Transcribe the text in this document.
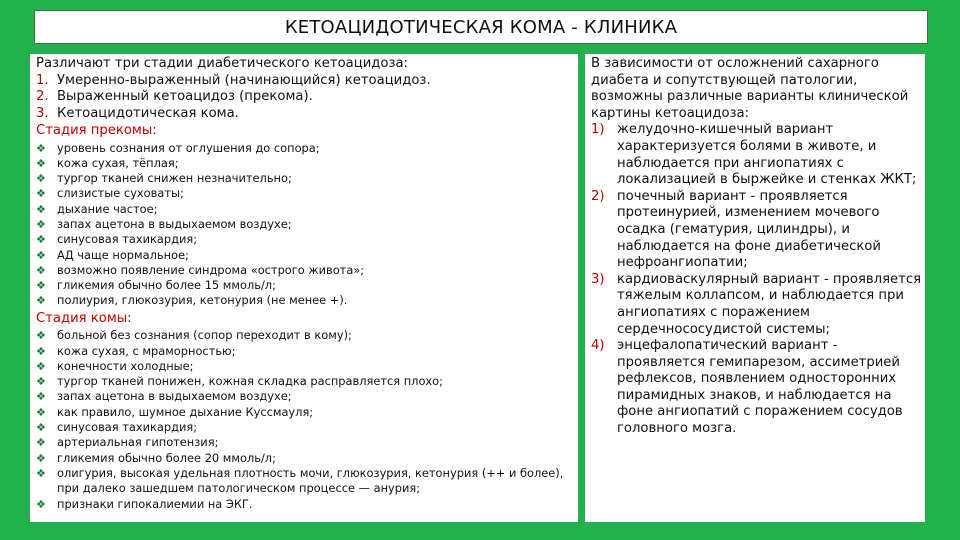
КЕТОАЦИДОТИЧЕСКАЯ КОМА - КЛИНИКА
Различают три стадии диабетического кетоацидоза:
1. Умеренно-выраженный (начинающийся) кетоацидоз.
2. Выраженный кетоацидоз (прекома).
3. Кетоацидотическая кома.
Стадия прекомы:
❖ уровень сознания от оглушения до сопора;
❖ кожа сухая, тёплая;
❖ тургор тканей снижен незначительно;
❖ слизистые суховаты;
❖ дыхание частое;
❖ запах ацетона в выдыхаемом воздухе;
❖ синусовая тахикардия;
❖ АД чаще нормальное;
❖ возможно появление синдрома «острого живота»;
❖ гликемия обычно более 15 ммоль/л;
❖ полиурия, глюкозурия, кетонурия (не менее +).
Стадия комы:
❖ больной без сознания (сопор переходит в кому);
❖ кожа сухая, с мраморностью;
❖ конечности холодные;
❖ тургор тканей понижен, кожная складка расправляется плохо;
❖ запах ацетона в выдыхаемом воздухе;
❖ как правило, шумное дыхание Куссмауля;
❖ синусовая тахикардия;
❖ артериальная гипотензия;
❖ гликемия обычно более 20 ммоль/л;
❖ олигурия, высокая удельная плотность мочи, глюкозурия, кетонурия (++ и более), при далеко зашедшем патологическом процессе — анурия;
❖ признаки гипокалиемии на ЭКГ.
В зависимости от осложнений сахарного диабета и сопутствующей патологии, возможны различные варианты клинической картины кетоацидоза:
1) желудочно-кишечный вариант характеризуется болями в животе, и наблюдается при ангиопатиях с локализацией в быржейке и стенках ЖКТ;
2) почечный вариант - проявляется протеинурией, изменением мочевого осадка (гематурия, цилиндры), и наблюдается на фоне диабетической нефроангиопатии;
3) кардиоваскулярный вариант - проявляется тяжелым коллапсом, и наблюдается при ангиопатиях с поражением сердечнососудистой системы;
4) энцефалопатический вариант - проявляется гемипарезом, ассиметрией рефлексов, появлением односторонних пирамидных знаков, и наблюдается на фоне ангиопатий с поражением сосудов головного мозга.
